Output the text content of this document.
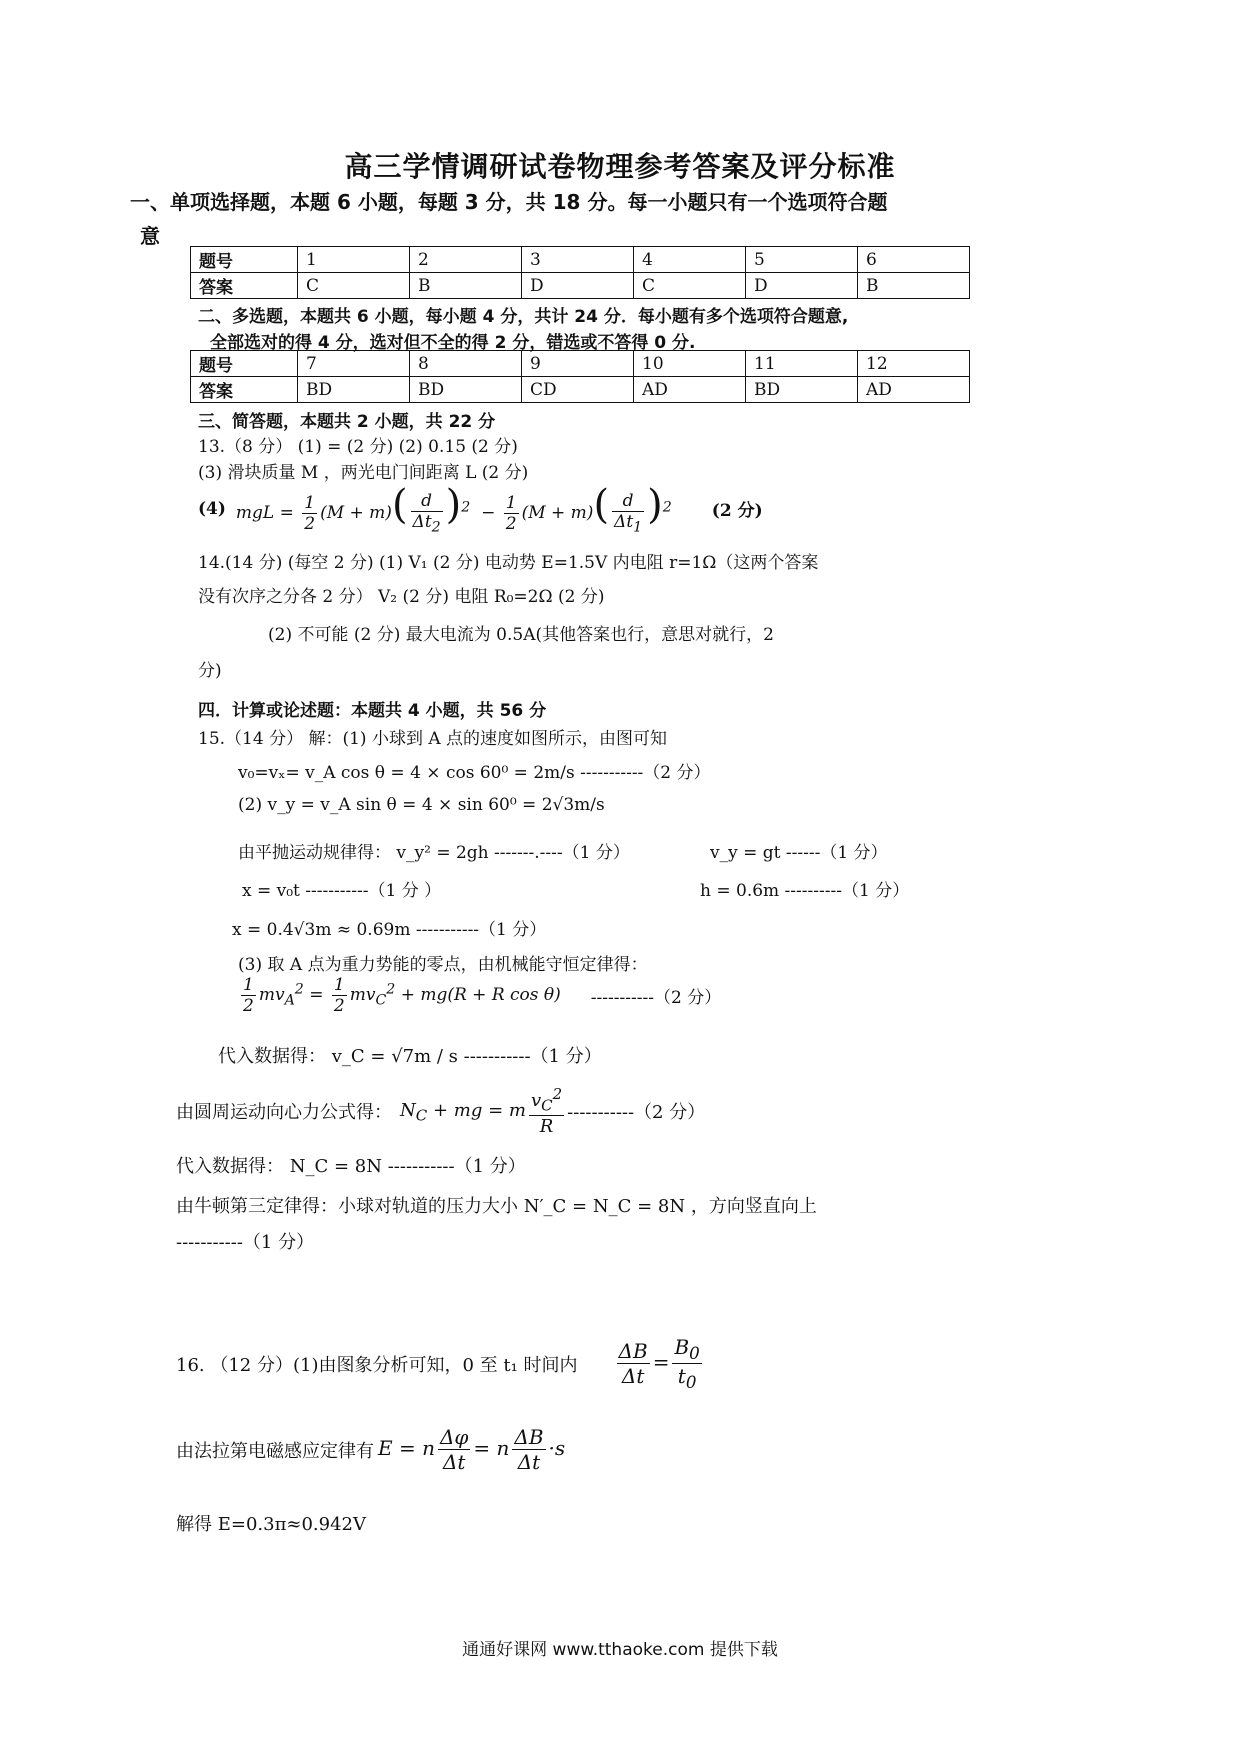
高三学情调研试卷物理参考答案及评分标准
一、单项选择题，本题 6 小题，每题 3 分，共 18 分。每一小题只有一个选项符合题
意
题号	1	2	3	4	5	6
答案	C	B	D	C	D	B
二、多选题，本题共 6 小题，每小题 4 分，共计 24 分．每小题有多个选项符合题意,
全部选对的得 4 分，选对但不全的得 2 分，错选或不答得 0 分.
题号	7	8	9	10	11	12
答案	BD	BD	CD	AD	BD	AD
三、简答题，本题共 2 小题，共 22 分
13.（8 分） (1) = (2 分) (2) 0.15 (2 分)
(3) 滑块质量 M ，两光电门间距离 L (2 分)
(4) mgL = $\frac{1}{2} (M + m)( \frac{d}{\Delta t_2} )^2 - \frac{1}{2} (M + m)( \frac{d}{\Delta t_1} )^2$ (2 分)
14.(14 分) (每空 2 分) (1) V₁ (2 分) 电动势 E=1.5V 内电阻 r=1Ω（这两个答案
没有次序之分各 2 分） V₂ (2 分) 电阻 R₀=2Ω (2 分)
(2) 不可能 (2 分) 最大电流为 0.5A(其他答案也行，意思对就行，2
分)
四．计算或论述题：本题共 4 小题，共 56 分
15.（14 分） 解：(1) 小球到 A 点的速度如图所示，由图可知
v₀=vₓ= v_A cos θ = 4 × cos 60⁰ = 2m/s -----------（2 分）
(2) v_y = v_A sin θ = 4 × sin 60⁰ = 2√3m/s
由平抛运动规律得： v_y² = 2gh -------.----（1 分）	v_y = gt ------（1 分）
x = v₀t -----------（1 分 ）	h = 0.6m ----------（1 分）
x = 0.4√3m ≈ 0.69m -----------（1 分）
(3) 取 A 点为重力势能的零点，由机械能守恒定律得：
$\frac{1}{2} mv_A^2 = \frac{1}{2} mv_C^2 + mg(R + R$ cos θ) -----------（2 分）
代入数据得： v_C = √7m / s -----------（1 分）
由圆周运动向心力公式得： $N_C$ + mg = m $\frac{v_C^2}{R} -----------(2$ 分）
代入数据得： N_C = 8N -----------（1 分）
由牛顿第三定律得：小球对轨道的压力大小 N′_C = N_C = 8N ，方向竖直向上
-----------（1 分）
16. （12 分）(1)由图象分析可知，0 至 t₁ 时间内 $\frac{\Delta B}{\Delta t} = \frac{B_0}{t_0}$
由法拉第电磁感应定律有 E = n $\frac{\Delta\varphi}{\Delta t} = n \frac{\Delta B}{\Delta t} \cdot s$
解得 E=0.3π≈0.942V
通通好课网 www.tthaoke.com 提供下载
